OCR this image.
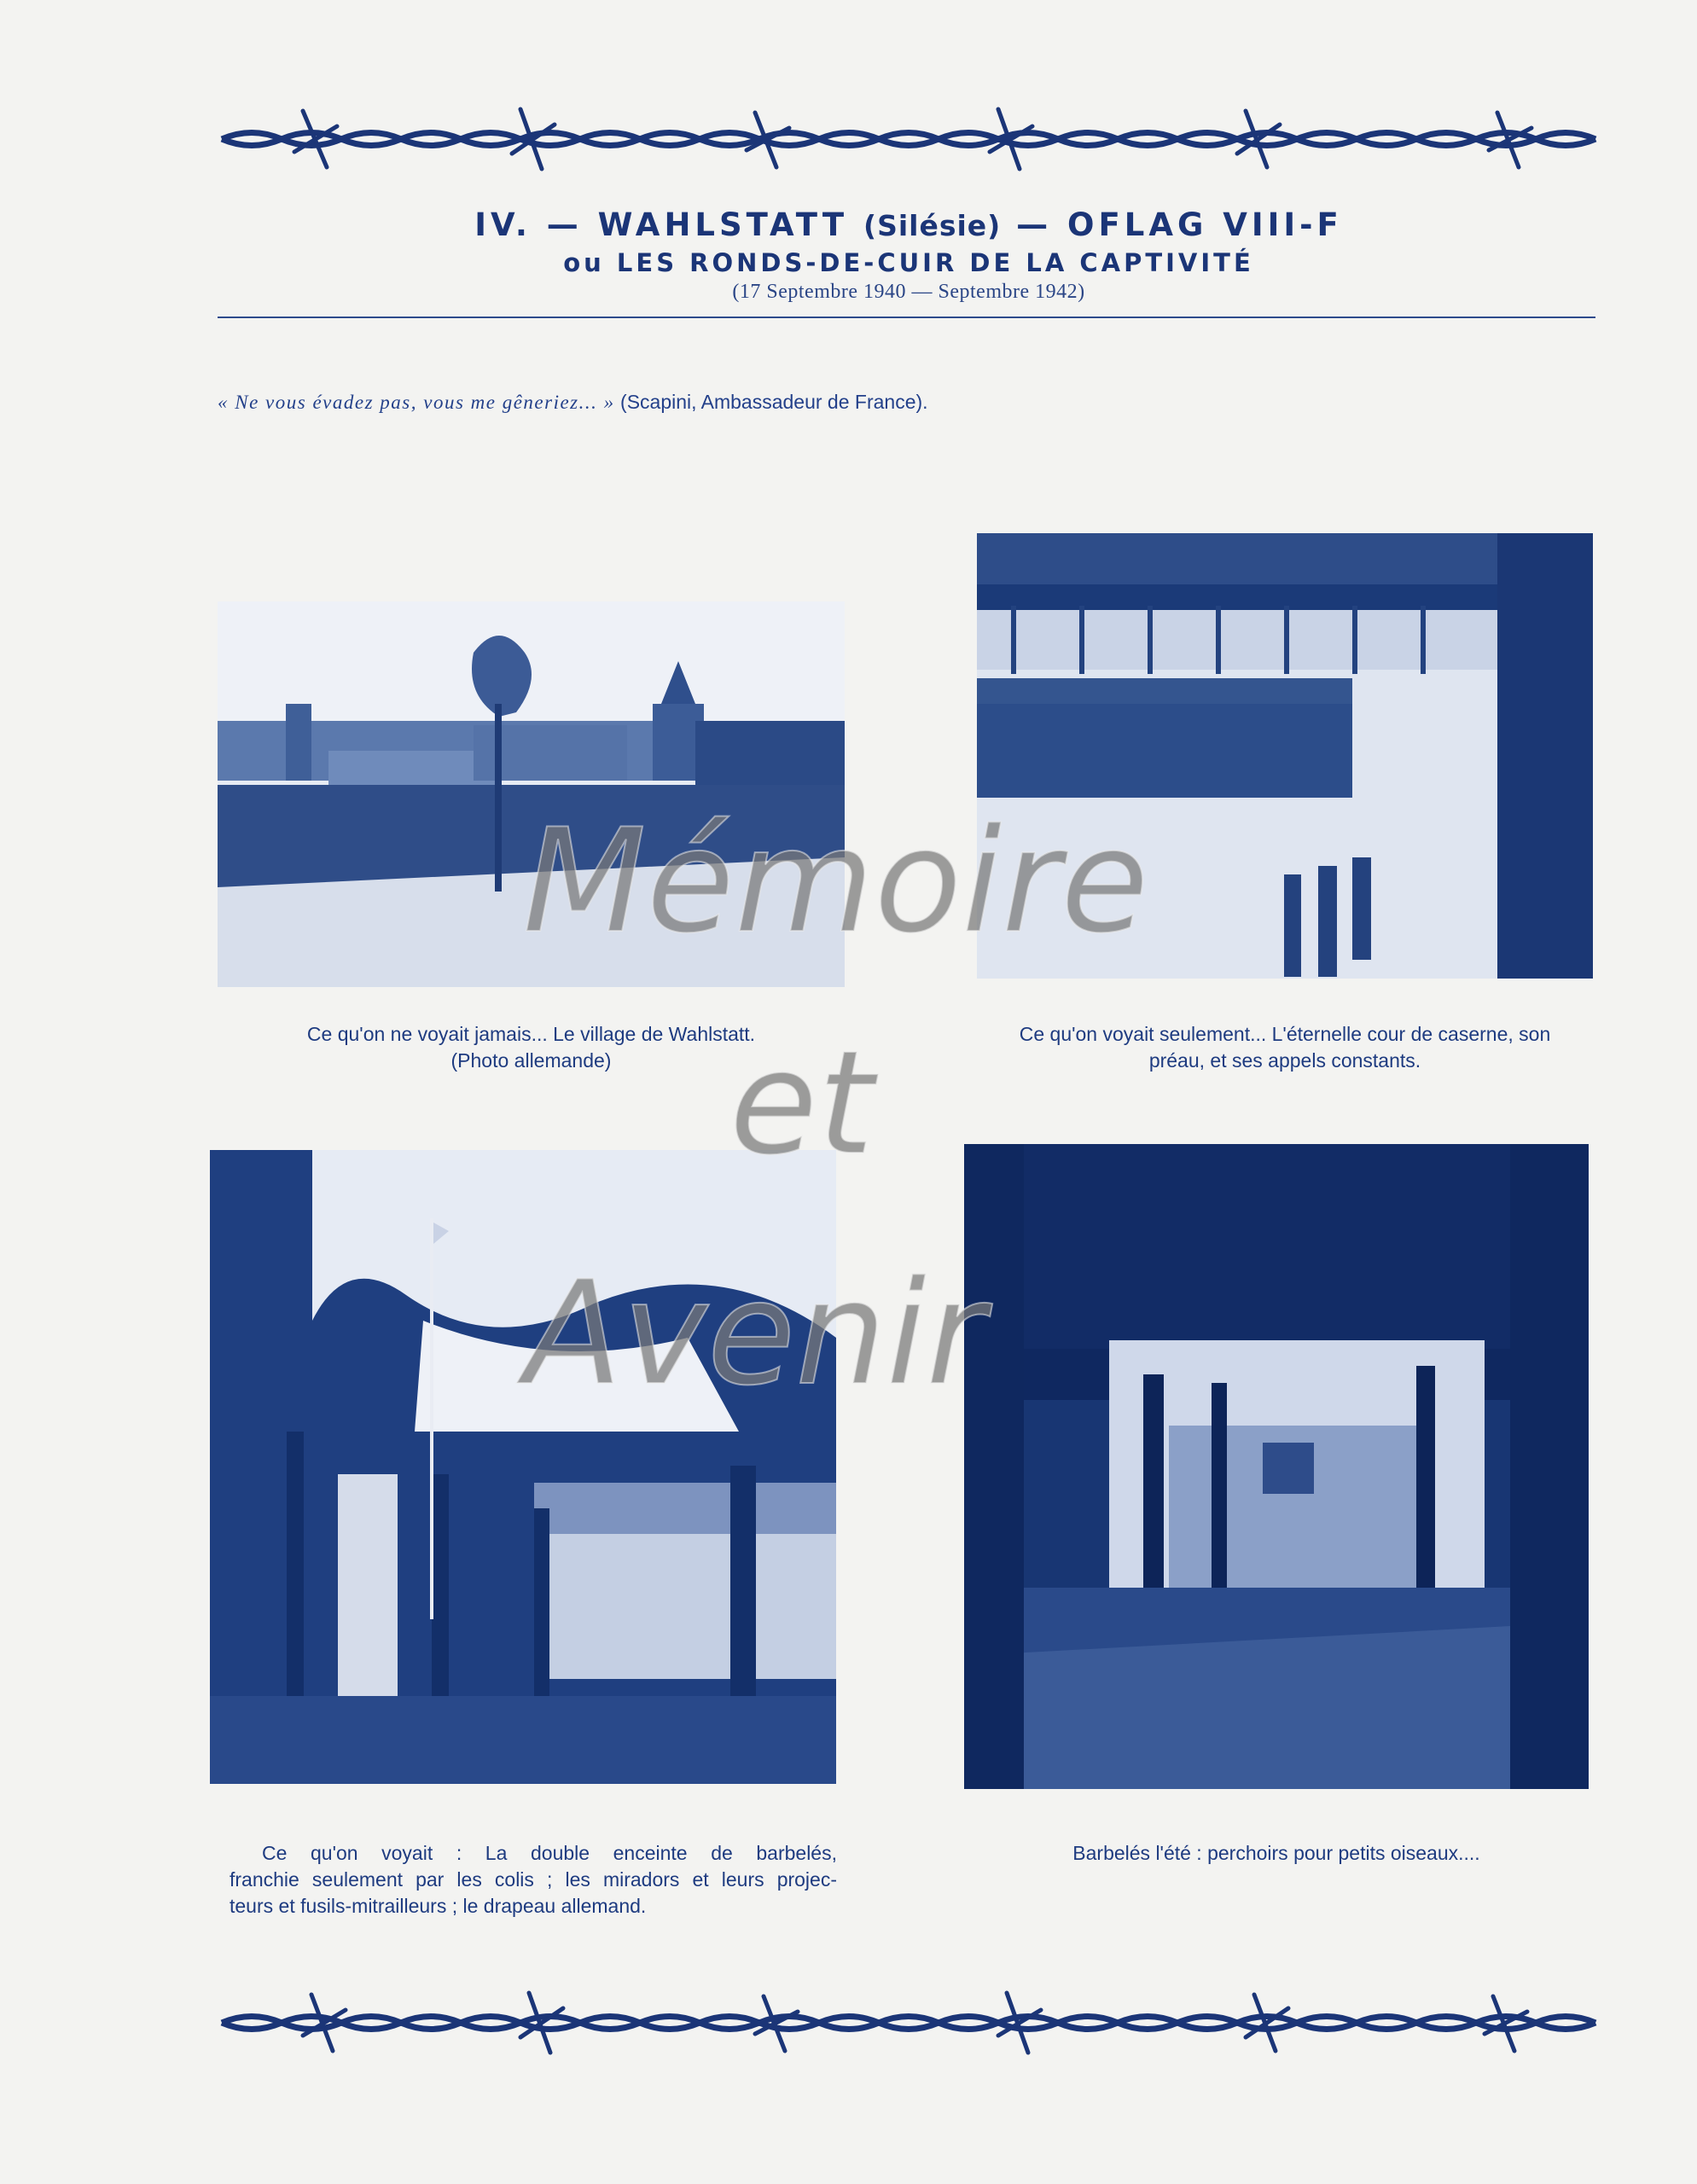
IV. — WAHLSTATT (Silésie) — OFLAG VIII-F
ou LES RONDS-DE-CUIR DE LA CAPTIVITÉ
(17 Septembre 1940 — Septembre 1942)
« Ne vous évadez pas, vous me gêneriez... » (Scapini, Ambassadeur de France).
Ce qu'on ne voyait jamais... Le village de Wahlstatt.
(Photo allemande)
Ce qu'on voyait seulement... L'éternelle cour de caserne, son
préau, et ses appels constants.
Ce qu'on voyait : La double enceinte de barbelés,
franchie seulement par les colis ; les miradors et leurs projec-
teurs et fusils-mitrailleurs ; le drapeau allemand.
Barbelés l'été : perchoirs pour petits oiseaux....
Mémoire
et
Avenir
